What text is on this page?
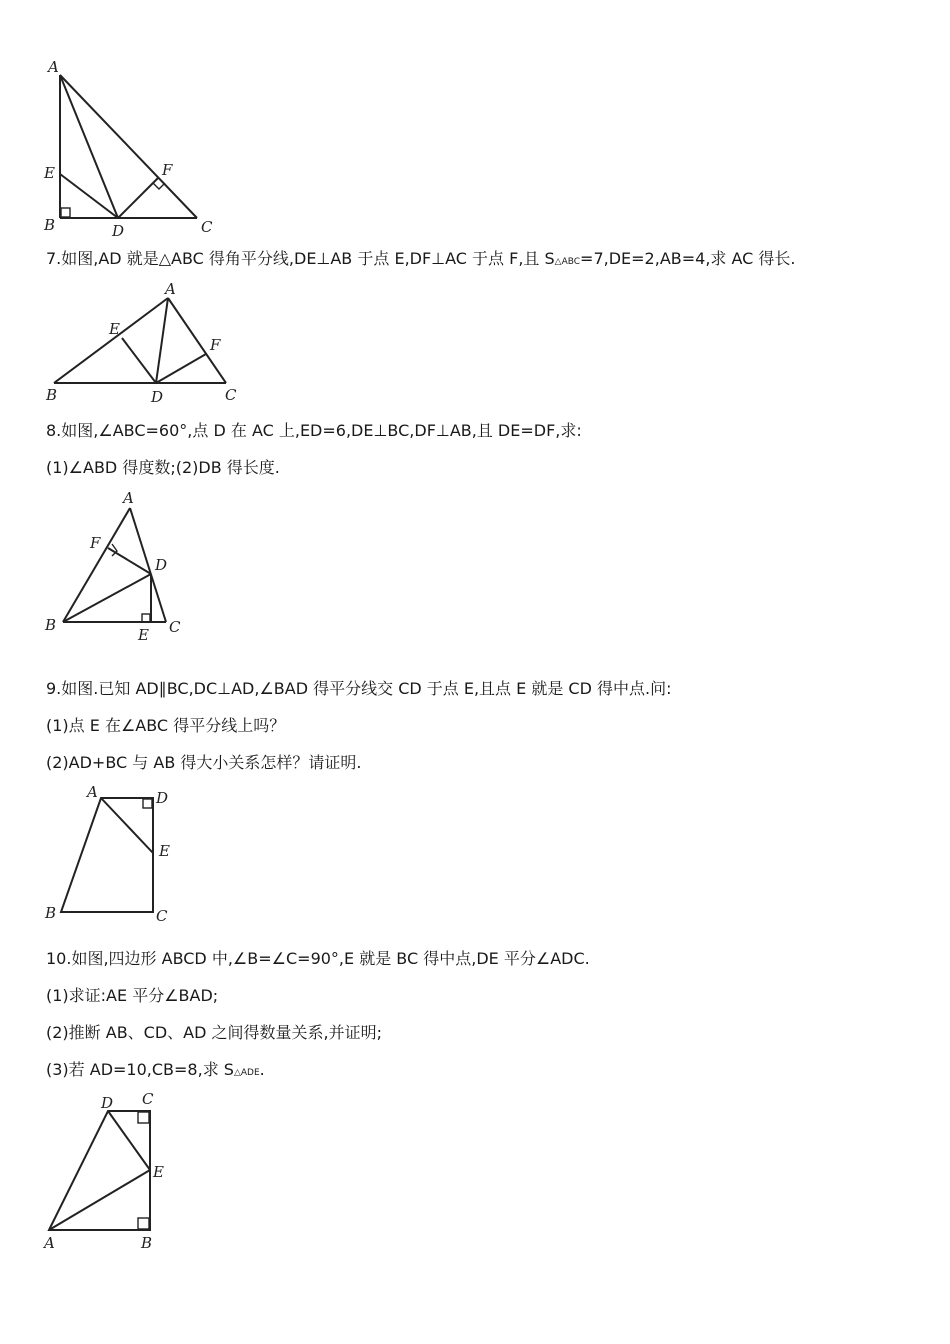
A
E	F
B	D	C
7.如图,AD 就是△ABC 得角平分线,DE⊥AB 于点 E,DF⊥AC 于点 F,且 S△ABC=7,DE=2,AB=4,求 AC 得长.
A
E
F
B	D	C
8.如图,∠ABC=60°,点 D 在 AC 上,ED=6,DE⊥BC,DF⊥AB,且 DE=DF,求:
(1)∠ABD 得度数;(2)DB 得长度.
A
F
D
B
E C
9.如图.已知 AD∥BC,DC⊥AD,∠BAD 得平分线交 CD 于点 E,且点 E 就是 CD 得中点.问:
(1)点 E 在∠ABC 得平分线上吗？
(2)AD+BC 与 AB 得大小关系怎样？请证明.
A	D
E
B	C
10.如图,四边形 ABCD 中,∠B=∠C=90°,E 就是 BC 得中点,DE 平分∠ADC.
(1)求证:AE 平分∠BAD;
(2)推断 AB、CD、AD 之间得数量关系,并证明;
(3)若 AD=10,CB=8,求 S△ADE.
D C
E
A	B
